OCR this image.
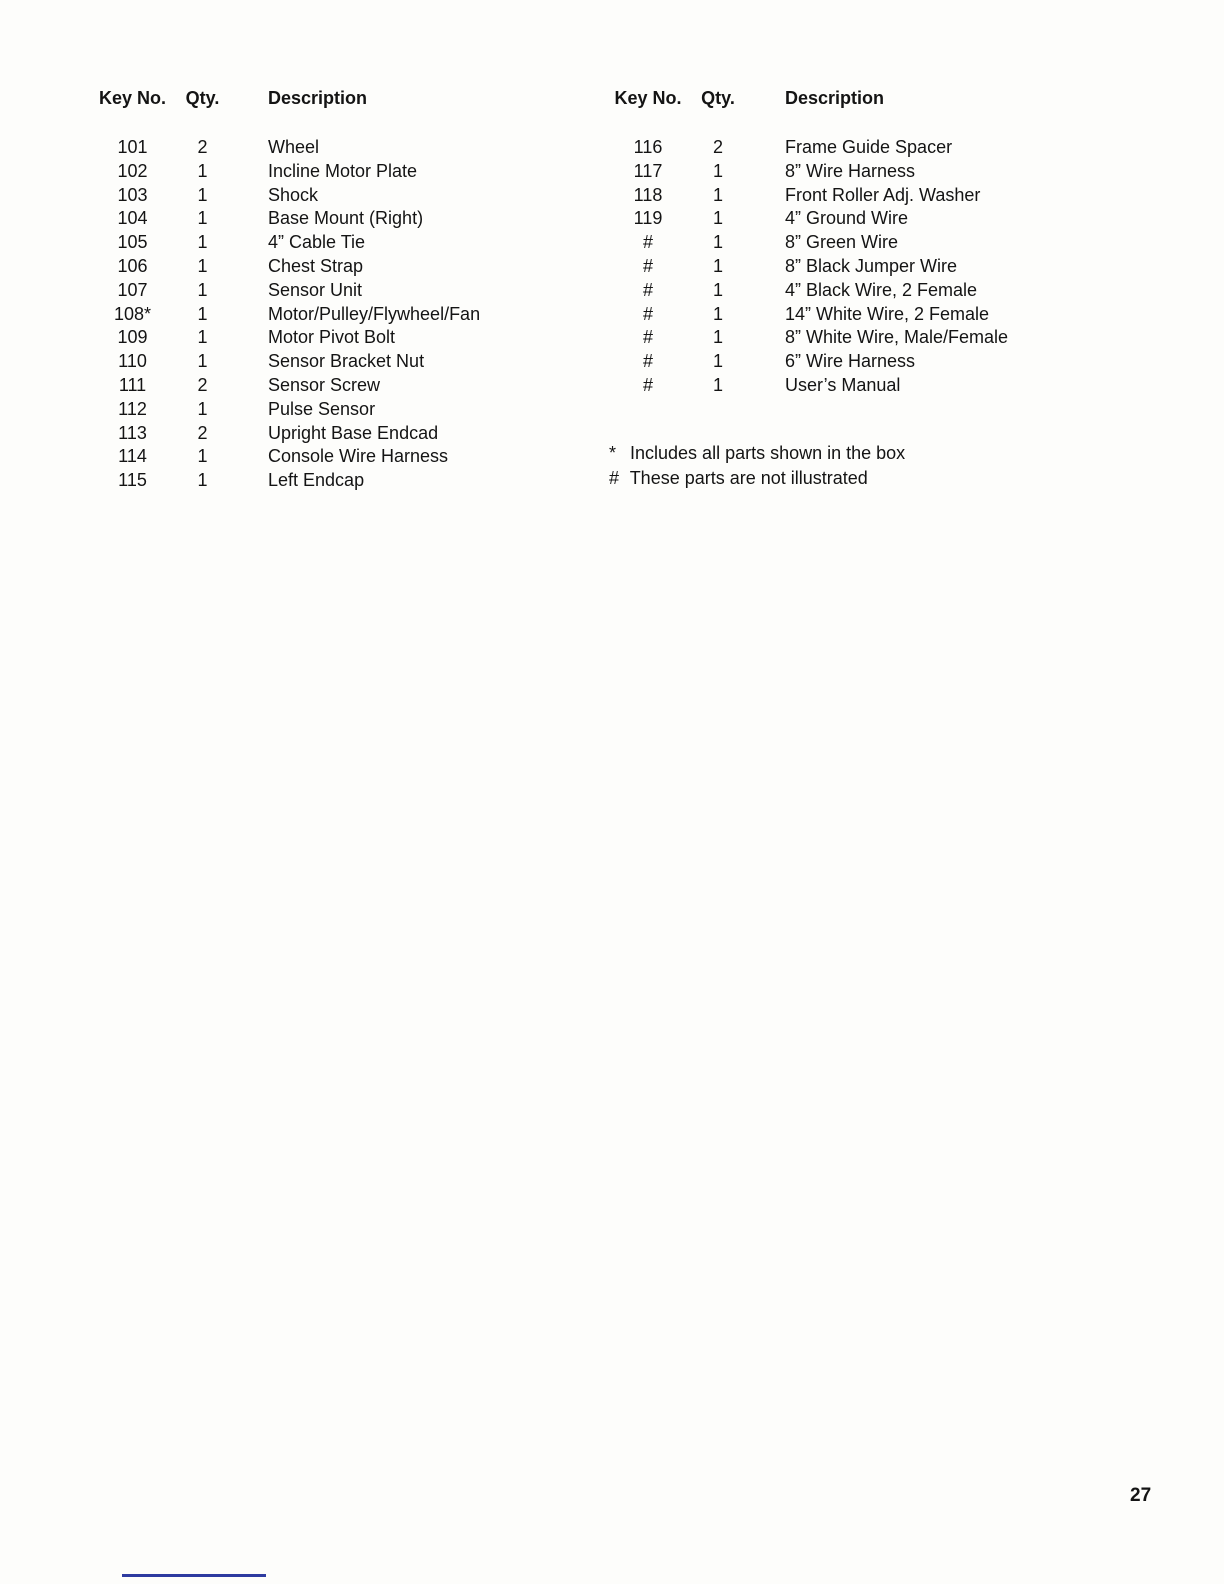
Key No.	Qty.	Description
101	2	Wheel
102	1	Incline Motor Plate
103	1	Shock
104	1	Base Mount (Right)
105	1	4” Cable Tie
106	1	Chest Strap
107	1	Sensor Unit
108*	1	Motor/Pulley/Flywheel/Fan
109	1	Motor Pivot Bolt
110	1	Sensor Bracket Nut
111	2	Sensor Screw
112	1	Pulse Sensor
113	2	Upright Base Endcad
114	1	Console Wire Harness
115	1	Left Endcap
Key No.	Qty.	Description
116	2	Frame Guide Spacer
117	1	8” Wire Harness
118	1	Front Roller Adj. Washer
119	1	4” Ground Wire
#	1	8” Green Wire
#	1	8” Black Jumper Wire
#	1	4” Black Wire, 2 Female
#	1	14” White Wire, 2 Female
#	1	8” White Wire, Male/Female
#	1	6” Wire Harness
#	1	User’s Manual
* Includes all parts shown in the box
# These parts are not illustrated
27
